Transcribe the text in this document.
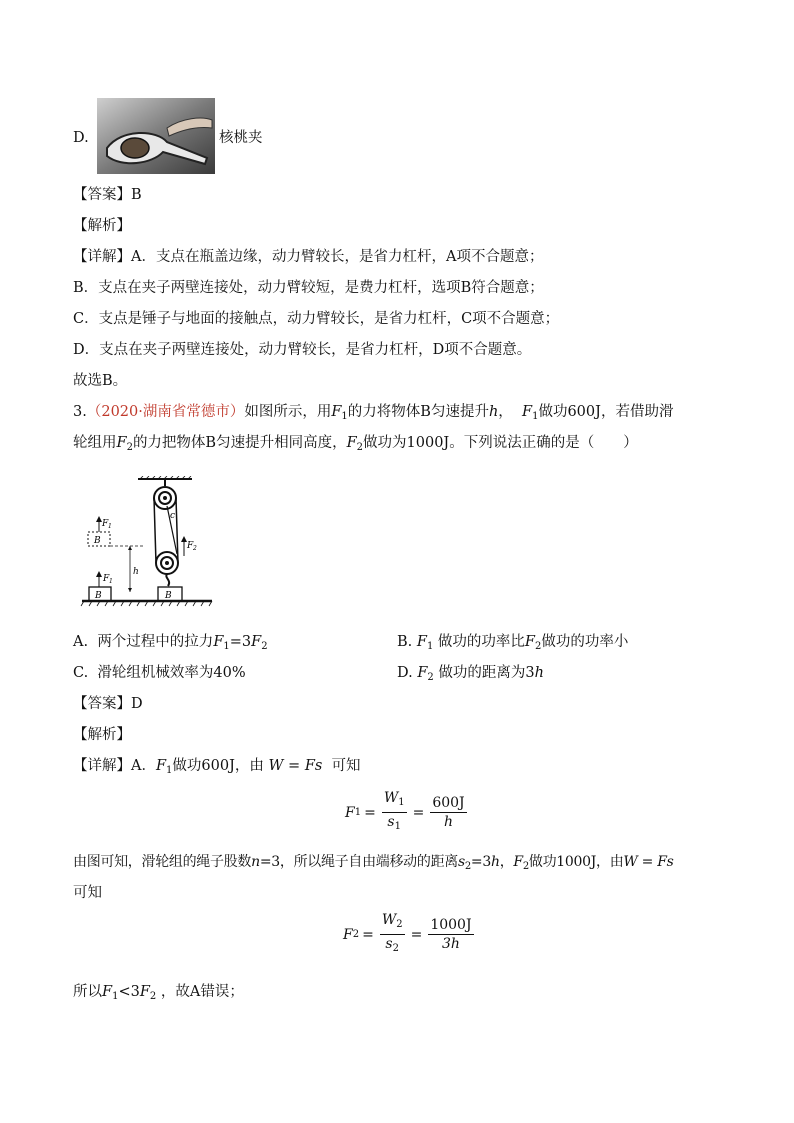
D.	核桃夹
【答案】B
【解析】
【详解】A．支点在瓶盖边缘，动力臂较长，是省力杠杆，A项不合题意；
B．支点在夹子两壁连接处，动力臂较短，是费力杠杆，选项B符合题意；
C．支点是锤子与地面的接触点，动力臂较长，是省力杠杆，C项不合题意；
D．支点在夹子两壁连接处，动力臂较长，是省力杠杆，D项不合题意。
故选B。
3.（2020·湖南省常德市）如图所示，用$F_1$的力将物体B匀速提升h， $F_1$做功600J，若借助滑
轮组用$F_2$的力把物体B匀速提升相同高度，$F_2$做功为1000J。下列说法正确的是（　　）
c
F 2
B
F 1
h
B
F 1
B
A. 两个过程中的拉力$F_1=3F_2$	B. $F_1$ 做功的功率比$F_2$做功的功率小
C. 滑轮组机械效率为40%	D. $F_2$ 做功的距离为3h
【答案】D
【解析】
【详解】A．$F_1$做功600J，由 W = Fs 可知
F $1 = \frac{W_1}{s_1} = \frac{600J}{h}$
由图可知，滑轮组的绳子股数n=3，所以绳子自由端移动的距离$s_2=3h$，$F_2$做功1000J，由W = Fs
可知
F $2 = \frac{W_2}{s_2} = \frac{1000J}{3h}$
所以$F_1<3F_2$ ，故A错误；
